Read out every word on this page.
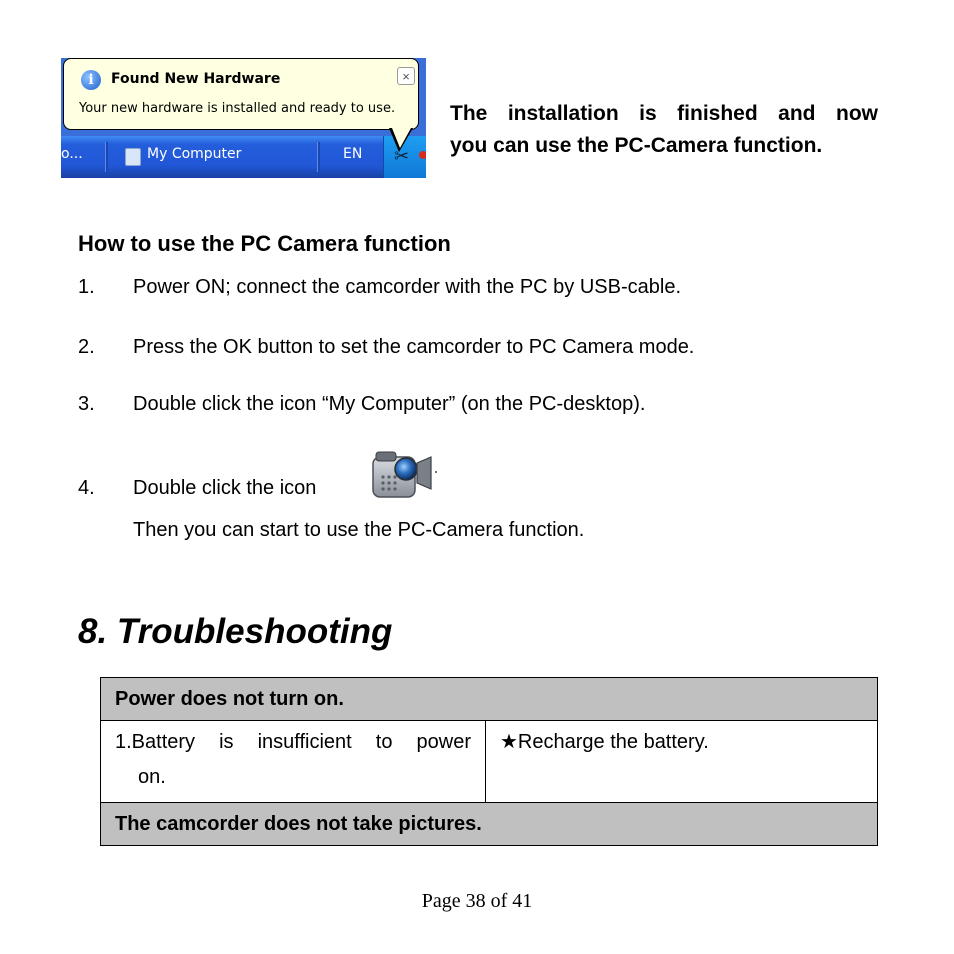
o...	My Computer	EN ✂
i	Found New Hardware
Your new hardware is installed and ready to use.
×
The installation is finished and now
you can use the PC-Camera function.
How to use the PC Camera function
1. Power ON; connect the camcorder with the PC by USB-cable.
2. Press the OK button to set the camcorder to PC Camera mode.
3. Double click the icon “My Computer” (on the PC-desktop).
4. Double click the icon
Then you can start to use the PC-Camera function.
8. Troubleshooting
Power does not turn on.

1.Battery is insufficient to power
on.
	★Recharge the battery.
The camcorder does not take pictures.
Page 38 of 41
